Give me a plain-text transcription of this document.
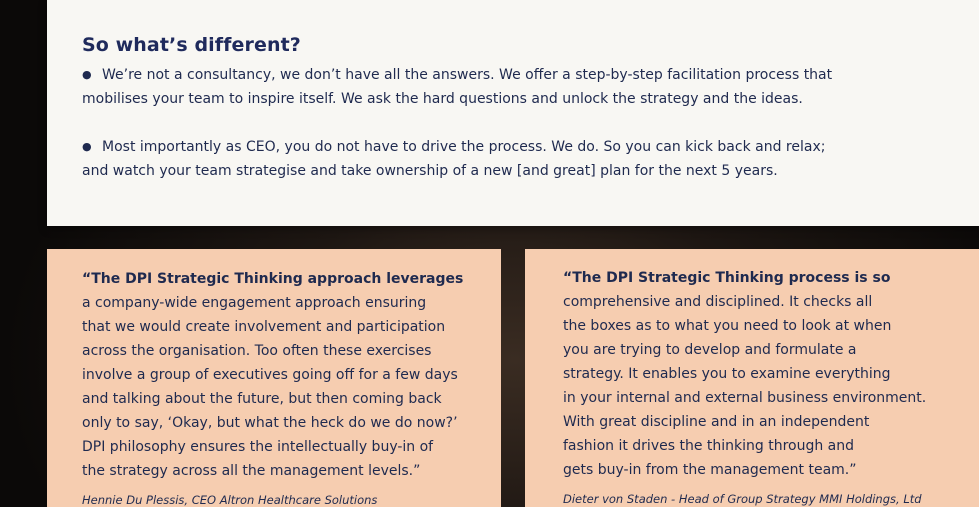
So what’s different?

● We’re not a consultancy, we don’t have all the answers. We offer a step-by-step facilitation process that
mobilises your team to inspire itself. We ask the hard questions and unlock the strategy and the ideas.

● Most importantly as CEO, you do not have to drive the process. We do. So you can kick back and relax;
and watch your team strategise and take ownership of a new [and great] plan for the next 5 years.

“The DPI Strategic Thinking approach leverages
a company-wide engagement approach ensuring
that we would create involvement and participation
across the organisation. Too often these exercises
involve a group of executives going off for a few days
and talking about the future, but then coming back
only to say, ‘Okay, but what the heck do we do now?’
DPI philosophy ensures the intellectually buy-in of
the strategy across all the management levels.”

Hennie Du Plessis, CEO Altron Healthcare Solutions

“The DPI Strategic Thinking process is so
comprehensive and disciplined. It checks all
the boxes as to what you need to look at when
you are trying to develop and formulate a
strategy. It enables you to examine everything
in your internal and external business environment.
With great discipline and in an independent
fashion it drives the thinking through and
gets buy-in from the management team.”

Dieter von Staden - Head of Group Strategy MMI Holdings, Ltd
